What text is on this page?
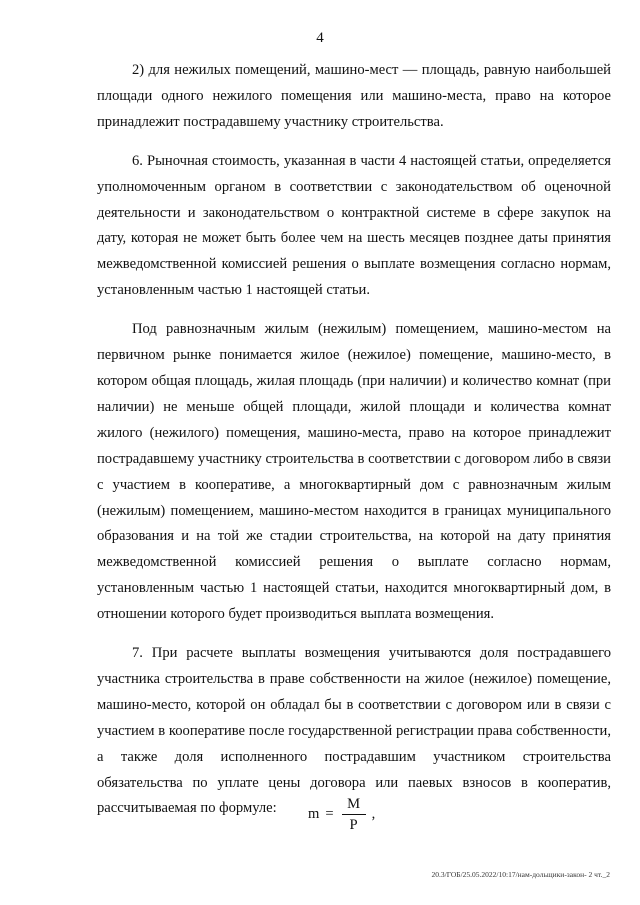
4

2) для нежилых помещений, машино-мест — площадь, равную наибольшей площади одного нежилого помещения или машино-места, право на которое принадлежит пострадавшему участнику строительства.

6. Рыночная стоимость, указанная в части 4 настоящей статьи, определяется уполномоченным органом в соответствии с законодательством об оценочной деятельности и законодательством о контрактной системе в сфере закупок на дату, которая не может быть более чем на шесть месяцев позднее даты принятия межведомственной комиссией решения о выплате возмещения согласно нормам, установленным частью 1 настоящей статьи.

Под равнозначным жилым (нежилым) помещением, машино-местом на первичном рынке понимается жилое (нежилое) помещение, машино-место, в котором общая площадь, жилая площадь (при наличии) и количество комнат (при наличии) не меньше общей площади, жилой площади и количества комнат жилого (нежилого) помещения, машино-места, право на которое принадлежит пострадавшему участнику строительства в соответствии с договором либо в связи с участием в кооперативе, а многоквартирный дом с равнозначным жилым (нежилым) помещением, машино-местом находится в границах муниципального образования и на той же стадии строительства, на которой на дату принятия межведомственной комиссией решения о выплате согласно нормам, установленным частью 1 настоящей статьи, находится многоквартирный дом, в отношении которого будет производиться выплата возмещения.

7. При расчете выплаты возмещения учитываются доля пострадавшего участника строительства в праве собственности на жилое (нежилое) помещение, машино-место, которой он обладал бы в соответствии с договором или в связи с участием в кооперативе после государственной регистрации права собственности, а также доля исполненного пострадавшим участником строительства обязательства по уплате цены договора или паевых взносов в кооператив, рассчитываемая по формуле:	$m = \frac{M}{P}$ ,
20.3/ГОБ/25.05.2022/10:17/нам-дольщики-закон- 2 чт._2
